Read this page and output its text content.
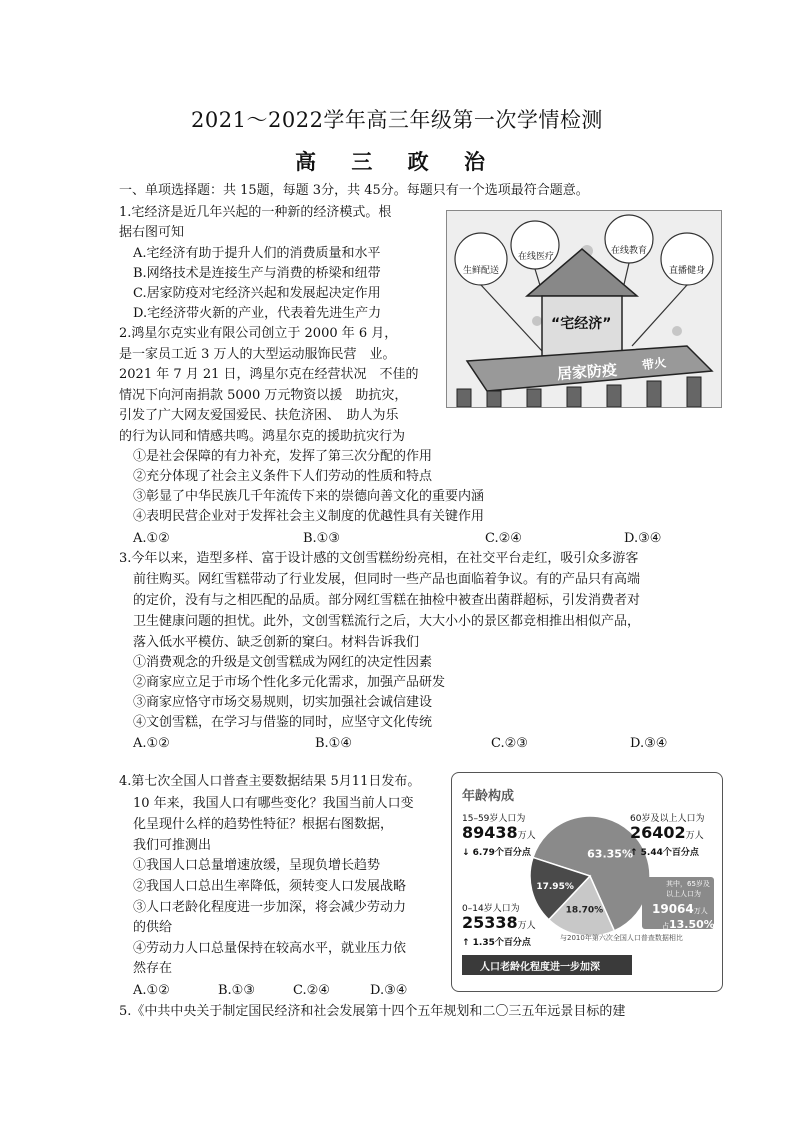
2021～2022学年高三年级第一次学情检测
高 三 政 治
一、单项选择题：共 15题，每题 3分，共 45分。每题只有一个选项最符合题意。
1.宅经济是近几年兴起的一种新的经济模式。根
据右图可知
A.宅经济有助于提升人们的消费质量和水平
B.网络技术是连接生产与消费的桥梁和纽带
C.居家防疫对宅经济兴起和发展起决定作用
D.宅经济带火新的产业，代表着先进生产力
生鲜配送
在线医疗
在线教育
直播健身
“宅经济”
居家防疫 带火
2.鸿星尔克实业有限公司创立于 2000 年 6 月，
是一家员工近 3 万人的大型运动服饰民营　业。
2021 年 7 月 21 日，鸿星尔克在经营状况　不佳的
情况下向河南捐款 5000 万元物资以援　助抗灾，
引发了广大网友爱国爱民、扶危济困、　助人为乐
的行为认同和情感共鸣。鸿星尔克的援助抗灾行为
①是社会保障的有力补充，发挥了第三次分配的作用
②充分体现了社会主义条件下人们劳动的性质和特点
③彰显了中华民族几千年流传下来的崇德向善文化的重要内涵
④表明民营企业对于发挥社会主义制度的优越性具有关键作用
A.①②	B.①③	C.②④	D.③④
3.今年以来，造型多样、富于设计感的文创雪糕纷纷亮相，在社交平台走红，吸引众多游客
前往购买。网红雪糕带动了行业发展，但同时一些产品也面临着争议。有的产品只有高端
的定价，没有与之相匹配的品质。部分网红雪糕在抽检中被查出菌群超标，引发消费者对
卫生健康问题的担忧。此外，文创雪糕流行之后，大大小小的景区都竞相推出相似产品，
落入低水平模仿、缺乏创新的窠臼。材料告诉我们
①消费观念的升级是文创雪糕成为网红的决定性因素
②商家应立足于市场个性化多元化需求，加强产品研发
③商家应恪守市场交易规则，切实加强社会诚信建设
④文创雪糕，在学习与借鉴的同时，应坚守文化传统
A.①②	B.①④	C.②③	D.③④
4.第七次全国人口普查主要数据结果 5月11日发布。
10 年来，我国人口有哪些变化？我国当前人口变
化呈现什么样的趋势性特征？根据右图数据，
我们可推测出
①我国人口总量增速放缓，呈现负增长趋势
②我国人口总出生率降低，须转变人口发展战略
③人口老龄化程度进一步加深，将会减少劳动力
的供给
④劳动力人口总量保持在较高水平，就业压力依
然存在
A.①②	B.①③	C.②④	D.③④
63.35%
18.70%
17.95%
年龄构成
15–59岁人口为
89438万人
↓ 6.79个百分点
60岁及以上人口为
26402万人
↑ 5.44个百分点
0–14岁人口为
25338万人
↑ 1.35个百分点
其中，65岁及
以上人口为
19064万人
占13.50%
与2010年第六次全国人口普查数据相比
人口老龄化程度进一步加深
5.《中共中央关于制定国民经济和社会发展第十四个五年规划和二〇三五年远景目标的建
